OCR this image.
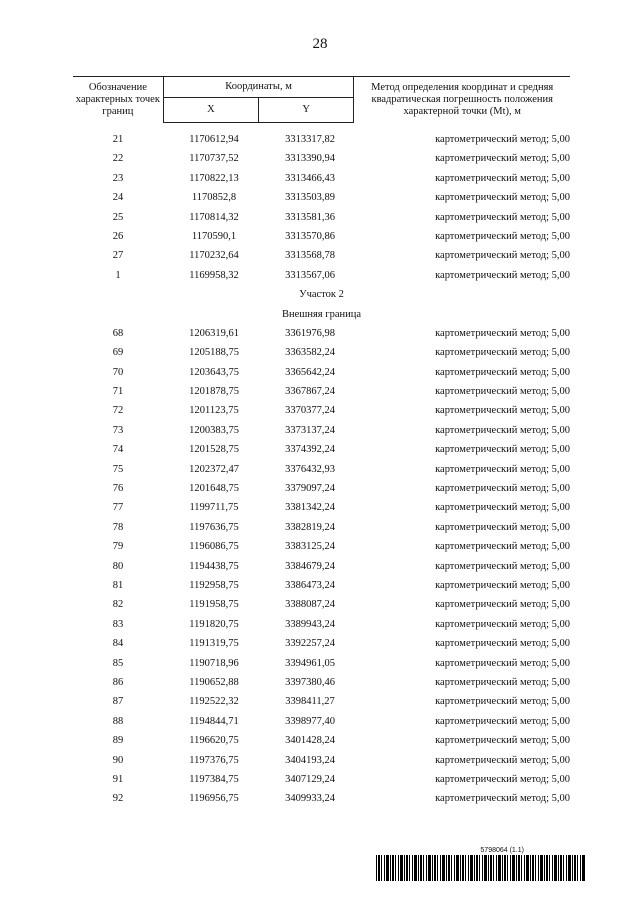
28
Обозначение характерных точек границ	Координаты, м		Метод определения координат и средняя квадратическая погрешность положения характерной точки (Mt), м
	X	Y	
21	1170612,94	3313317,82	картометрический метод; 5,00
22	1170737,52	3313390,94	картометрический метод; 5,00
23	1170822,13	3313466,43	картометрический метод; 5,00
24	1170852,8	3313503,89	картометрический метод; 5,00
25	1170814,32	3313581,36	картометрический метод; 5,00
26	1170590,1	3313570,86	картометрический метод; 5,00
27	1170232,64	3313568,78	картометрический метод; 5,00
1	1169958,32	3313567,06	картометрический метод; 5,00
Участок 2
Внешняя граница
68	1206319,61	3361976,98	картометрический метод; 5,00
69	1205188,75	3363582,24	картометрический метод; 5,00
70	1203643,75	3365642,24	картометрический метод; 5,00
71	1201878,75	3367867,24	картометрический метод; 5,00
72	1201123,75	3370377,24	картометрический метод; 5,00
73	1200383,75	3373137,24	картометрический метод; 5,00
74	1201528,75	3374392,24	картометрический метод; 5,00
75	1202372,47	3376432,93	картометрический метод; 5,00
76	1201648,75	3379097,24	картометрический метод; 5,00
77	1199711,75	3381342,24	картометрический метод; 5,00
78	1197636,75	3382819,24	картометрический метод; 5,00
79	1196086,75	3383125,24	картометрический метод; 5,00
80	1194438,75	3384679,24	картометрический метод; 5,00
81	1192958,75	3386473,24	картометрический метод; 5,00
82	1191958,75	3388087,24	картометрический метод; 5,00
83	1191820,75	3389943,24	картометрический метод; 5,00
84	1191319,75	3392257,24	картометрический метод; 5,00
85	1190718,96	3394961,05	картометрический метод; 5,00
86	1190652,88	3397380,46	картометрический метод; 5,00
87	1192522,32	3398411,27	картометрический метод; 5,00
88	1194844,71	3398977,40	картометрический метод; 5,00
89	1196620,75	3401428,24	картометрический метод; 5,00
90	1197376,75	3404193,24	картометрический метод; 5,00
91	1197384,75	3407129,24	картометрический метод; 5,00
92	1196956,75	3409933,24	картометрический метод; 5,00
5798064 (1.1)
